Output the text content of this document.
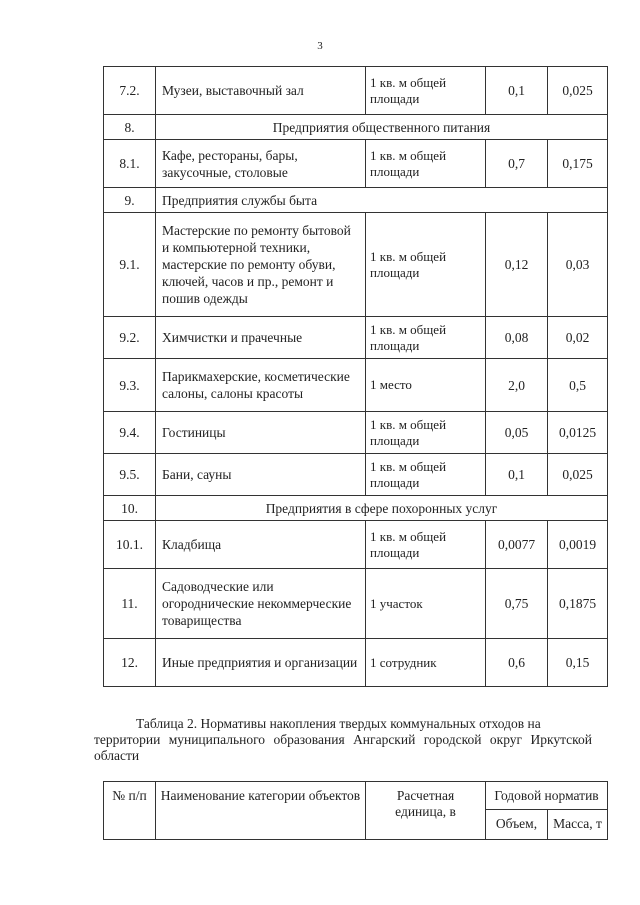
3
7.2.	Музеи, выставочный зал	1 кв. м общей площади	0,1	0,025
8.	Предприятия общественного питания			
8.1.	Кафе, рестораны, бары, закусочные, столовые	1 кв. м общей площади	0,7	0,175
9.	Предприятия службы быта			
9.1.	Мастерские по ремонту бытовой и компьютерной техники, мастерские по ремонту обуви, ключей, часов и пр., ремонт и пошив одежды	1 кв. м общей площади	0,12	0,03
9.2.	Химчистки и прачечные	1 кв. м общей площади	0,08	0,02
9.3.	Парикмахерские, косметические салоны, салоны красоты	1 место	2,0	0,5
9.4.	Гостиницы	1 кв. м общей площади	0,05	0,0125
9.5.	Бани, сауны	1 кв. м общей площади	0,1	0,025
10.	Предприятия в сфере похоронных услуг			
10.1.	Кладбища	1 кв. м общей площади	0,0077	0,0019
11.	Садоводческие или огороднические некоммерческие товарищества	1 участок	0,75	0,1875
12.	Иные предприятия и организации	1 сотрудник	0,6	0,15
Таблица 2. Нормативы накопления твердых коммунальных отходов на
территории муниципального образования Ангарский городской округ Иркутской области
№ п/п	Наименование категории объектов	Расчетная единица, в	Годовой норматив	
			Объем,	Масса, т
